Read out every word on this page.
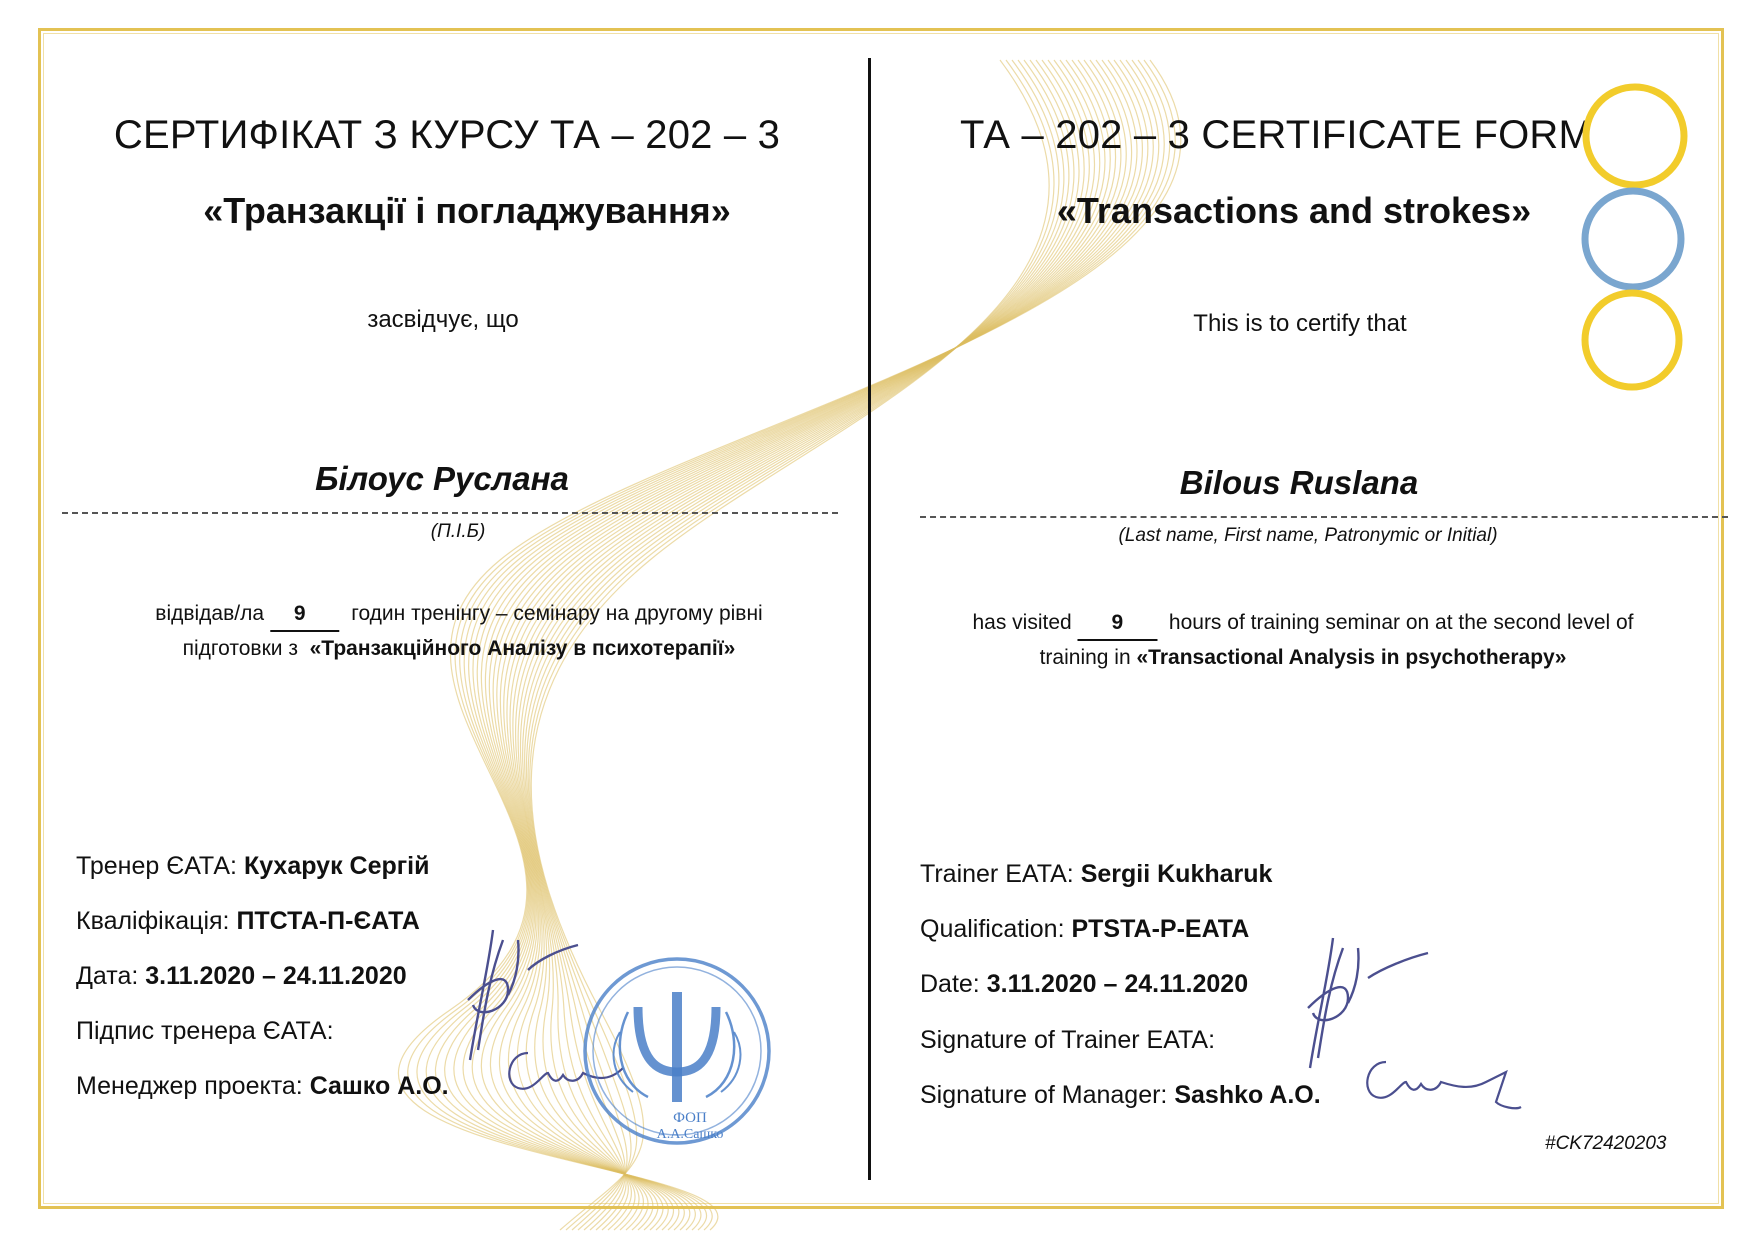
СЕРТИФІКАТ З КУРСУ ТА – 202 – 3
«Транзакції і погладжування»
засвідчує, що
Білоус Руслана
(П.І.Б)
відвідав/ла 9 годин тренінгу – семінару на другому рівні
підготовки з «Транзакційного Аналізу в психотерапії»
Тренер ЄАТА: Кухарук Сергій
Кваліфікація: ПТСТА-П-ЄАТА
Дата: 3.11.2020 – 24.11.2020
Підпис тренера ЄАТА:
Менеджер проекта: Сашко А.О.
ФОП
А.А.Сашко
ТА – 202 – 3 CERTIFICATE FORM
«Transactions and strokes»
This is to certify that
Bilous Ruslana
(Last name, First name, Patronymic or Initial)
has visited 9 hours of training seminar on at the second level of
training in «Transactional Analysis in psychotherapy»
Trainer EATA: Sergii Kukharuk
Qualification: PTSTA-P-EATA
Date: 3.11.2020 – 24.11.2020
Signature of Trainer EATA:
Signature of Manager: Sashko A.O.
#CK72420203
